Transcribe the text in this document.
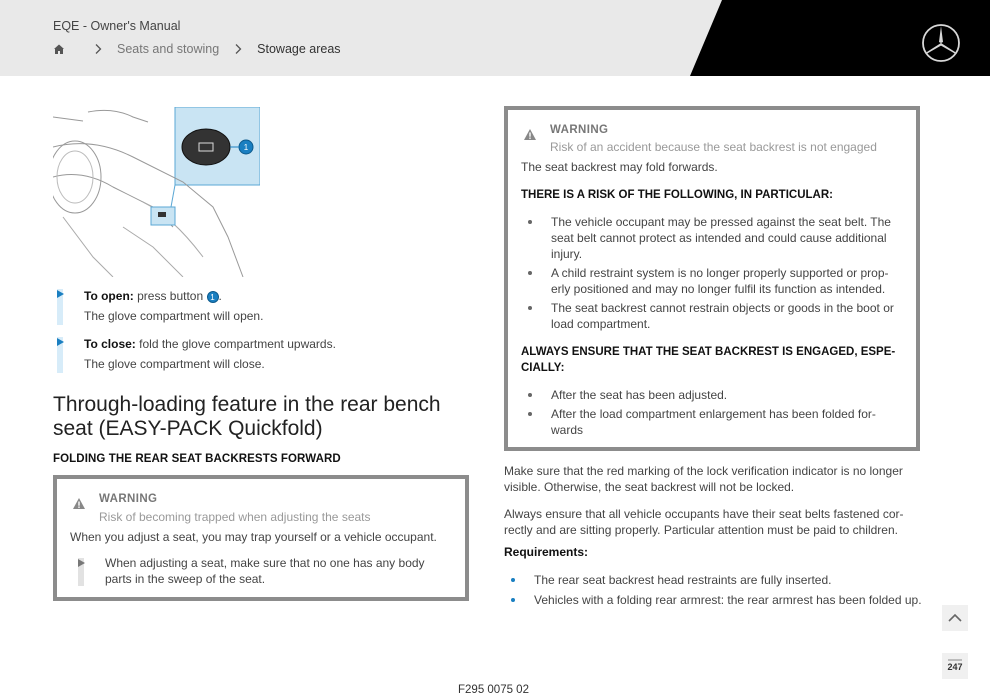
EQE - Owner's Manual
Seats and stowing	Stowage areas
1
To open: press button 1 .
The glove compartment will open.
To close: fold the glove compartment upwards.
The glove compartment will close.
Through-loading feature in the rear bench seat (EASY-PACK Quickfold)
FOLDING THE REAR SEAT BACKRESTS FORWARD
WARNING
Risk of becoming trapped when adjusting the seats
When you adjust a seat, you may trap yourself or a vehicle occupant.
When adjusting a seat, make sure that no one has any body parts in the sweep of the seat.
WARNING
Risk of an accident because the seat backrest is not engaged
The seat backrest may fold forwards.
THERE IS A RISK OF THE FOLLOWING, IN PARTICULAR:
The vehicle occupant may be pressed against the seat belt. The seat belt cannot protect as intended and could cause additional injury.
A child restraint system is no longer properly supported or prop- erly positioned and may no longer fulfil its function as intended.
The seat backrest cannot restrain objects or goods in the boot or load compartment.
ALWAYS ENSURE THAT THE SEAT BACKREST IS ENGAGED, ESPE- CIALLY:
After the seat has been adjusted.
After the load compartment enlargement has been folded for- wards
Make sure that the red marking of the lock verification indicator is no longer visible. Otherwise, the seat backrest will not be locked.
Always ensure that all vehicle occupants have their seat belts fastened cor- rectly and are sitting properly. Particular attention must be paid to children.
Requirements:
The rear seat backrest head restraints are fully inserted.
Vehicles with a folding rear armrest: the rear armrest has been folded up.
247
F295 0075 02
